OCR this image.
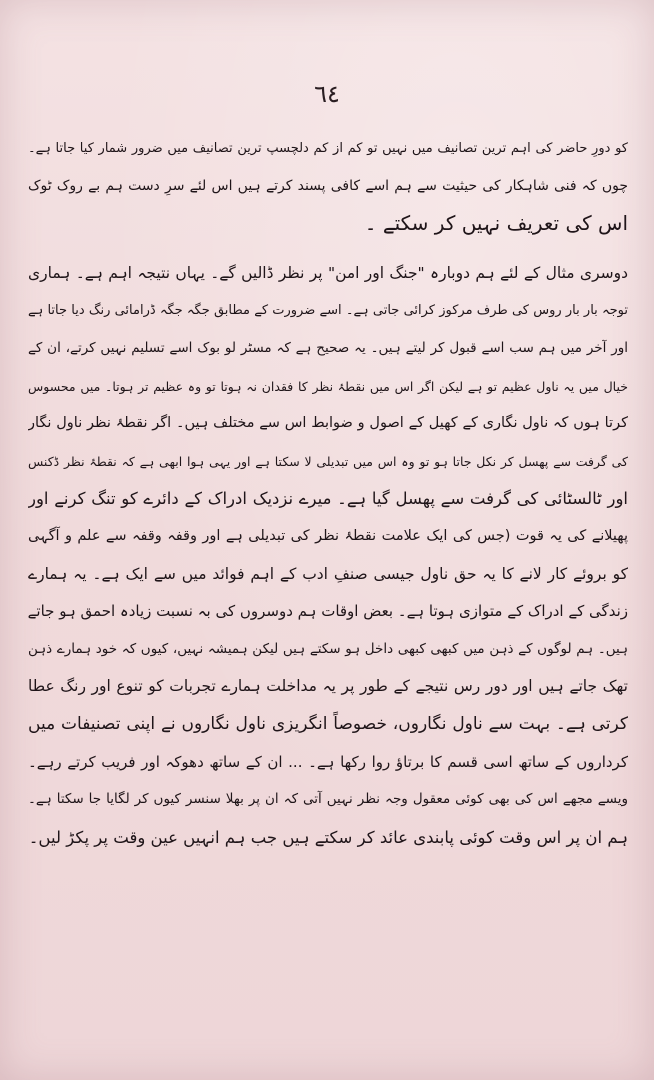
٦٤
کو دورِ حاضر کی اہم ترین تصانیف میں نہیں تو کم از کم دلچسپ ترین تصانیف میں ضرور شمار کیا جاتا ہے۔
چوں کہ فنی شاہکار کی حیثیت سے ہم اسے کافی پسند کرتے ہیں اس لئے سرِ دست ہم بے روک ٹوک
اس کی تعریف نہیں کر سکتے ۔
دوسری مثال کے لئے ہم دوبارہ "جنگ اور امن" پر نظر ڈالیں گے۔ یہاں نتیجہ اہم ہے۔ ہماری
توجہ بار بار روس کی طرف مرکوز کرائی جاتی ہے۔ اسے ضرورت کے مطابق جگہ جگہ ڈرامائی رنگ دیا جاتا ہے
اور آخر میں ہم سب اسے قبول کر لیتے ہیں۔ یہ صحیح ہے کہ مسٹر لو بوک اسے تسلیم نہیں کرتے، ان کے
خیال میں یہ ناول عظیم تو ہے لیکن اگر اس میں نقطۂ نظر کا فقدان نہ ہوتا تو وہ عظیم تر ہوتا۔ میں محسوس
کرتا ہوں کہ ناول نگاری کے کھیل کے اصول و ضوابط اس سے مختلف ہیں۔ اگر نقطۂ نظر ناول نگار
کی گرفت سے پھسل کر نکل جاتا ہو تو وہ اس میں تبدیلی لا سکتا ہے اور یہی ہوا ابھی ہے کہ نقطۂ نظر ڈکنس
اور ٹالسٹائی کی گرفت سے پھسل گیا ہے۔ میرے نزدیک ادراک کے دائرے کو تنگ کرنے اور
پھیلانے کی یہ قوت (جس کی ایک علامت نقطۂ نظر کی تبدیلی ہے اور وقفہ وقفہ سے علم و آگہی
کو بروئے کار لانے کا یہ حق ناول جیسی صنفِ ادب کے اہم فوائد میں سے ایک ہے۔ یہ ہمارے
زندگی کے ادراک کے متوازی ہوتا ہے۔ بعض اوقات ہم دوسروں کی بہ نسبت زیادہ احمق ہو جاتے
ہیں۔ ہم لوگوں کے ذہن میں کبھی کبھی داخل ہو سکتے ہیں لیکن ہمیشہ نہیں، کیوں کہ خود ہمارے ذہن
تھک جاتے ہیں اور دور رس نتیجے کے طور پر یہ مداخلت ہمارے تجربات کو تنوع اور رنگ عطا
کرتی ہے۔ بہت سے ناول نگاروں، خصوصاً انگریزی ناول نگاروں نے اپنی تصنیفات میں
کرداروں کے ساتھ اسی قسم کا برتاؤ روا رکھا ہے۔ ... ان کے ساتھ دھوکہ اور فریب کرتے رہے۔
ویسے مجھے اس کی بھی کوئی معقول وجہ نظر نہیں آتی کہ ان پر بھلا سنسر کیوں کر لگایا جا سکتا ہے۔
ہم ان پر اس وقت کوئی پابندی عائد کر سکتے ہیں جب ہم انہیں عین وقت پر پکڑ لیں۔
